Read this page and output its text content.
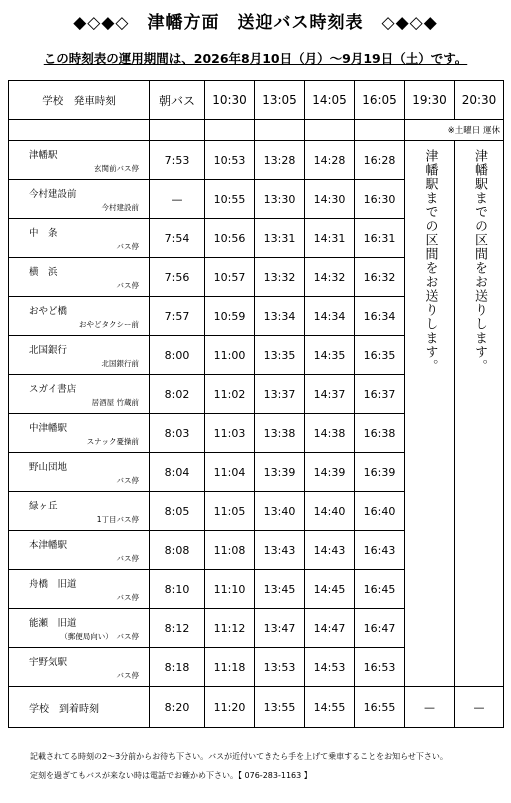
◆◇◆◇　津幡方面　送迎バス時刻表　◇◆◇◆
この時刻表の運用期間は、2026年8月10日（月）～9月19日（土）です。
学校　発車時刻	朝バス	10:30	13:05	14:05	16:05	19:30	20:30
						※土曜日 運休	

津幡駅
玄関前バス停	7:53	10:53	13:28	14:28	16:28	津幡駅までの区間をお送りします。	津幡駅までの区間をお送りします。

今村建設前
今村建設前	—	10:55	13:30	14:30	16:30		

中　条
バス停	7:54	10:56	13:31	14:31	16:31		

横　浜
バス停	7:56	10:57	13:32	14:32	16:32		

おやど橋
おやどタクシー前	7:57	10:59	13:34	14:34	16:34		

北国銀行
北国銀行前	8:00	11:00	13:35	14:35	16:35		

スガイ書店
居酒屋 竹蔵前	8:02	11:02	13:37	14:37	16:37		

中津幡駅
スナック憂操前	8:03	11:03	13:38	14:38	16:38		

野山団地
バス停	8:04	11:04	13:39	14:39	16:39		

緑ヶ丘
1丁目バス停	8:05	11:05	13:40	14:40	16:40		

本津幡駅
バス停	8:08	11:08	13:43	14:43	16:43		

舟橋　旧道
バス停	8:10	11:10	13:45	14:45	16:45		

能瀬　旧道
（郵便局向い）　バス停	8:12	11:12	13:47	14:47	16:47		

宇野気駅
バス停	8:18	11:18	13:53	14:53	16:53		
学校　到着時刻	8:20	11:20	13:55	14:55	16:55	—	—
記載されてる時刻の2～3分前からお待ち下さい。バスが近付いてきたら手を上げて乗車することをお知らせ下さい。
定刻を過ぎてもバスが来ない時は電話でお確かめ下さい。【 076-283-1163 】
